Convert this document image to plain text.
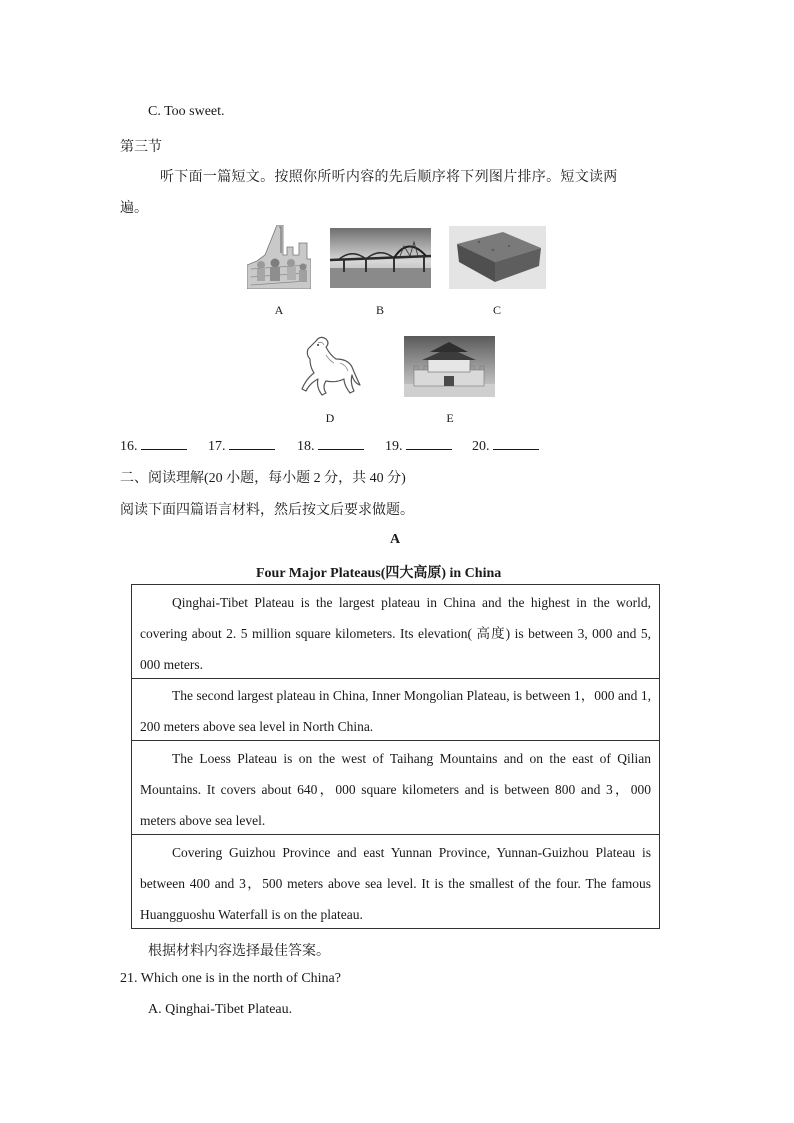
C. Too sweet.
第三节
听下面一篇短文。按照你所听内容的先后顺序将下列图片排序。短文读两
遍。
A	B	C
D	E
16.	17.	18.	19.	20.
二、阅读理解(20 小题，每小题 2 分，共 40 分)
阅读下面四篇语言材料，然后按文后要求做题。
A
Four Major Plateaus(四大高原) in China

Qinghai-Tibet Plateau is the largest plateau in China and the highest in the world, covering about 2. 5 million square kilometers. Its elevation( 高度) is between 3, 000 and 5, 000 meters.

The second largest plateau in China, Inner Mongolian Plateau, is between 1，000 and 1, 200 meters above sea level in North China.

The Loess Plateau is on the west of Taihang Mountains and on the east of Qilian Mountains. It covers about 640，000 square kilometers and is between 800 and 3，000 meters above sea level.

Covering Guizhou Province and east Yunnan Province, Yunnan-Guizhou Plateau is between 400 and 3，500 meters above sea level. It is the smallest of the four. The famous Huangguoshu Waterfall is on the plateau.

根据材料内容选择最佳答案。
21. Which one is in the north of China?
A. Qinghai-Tibet Plateau.
